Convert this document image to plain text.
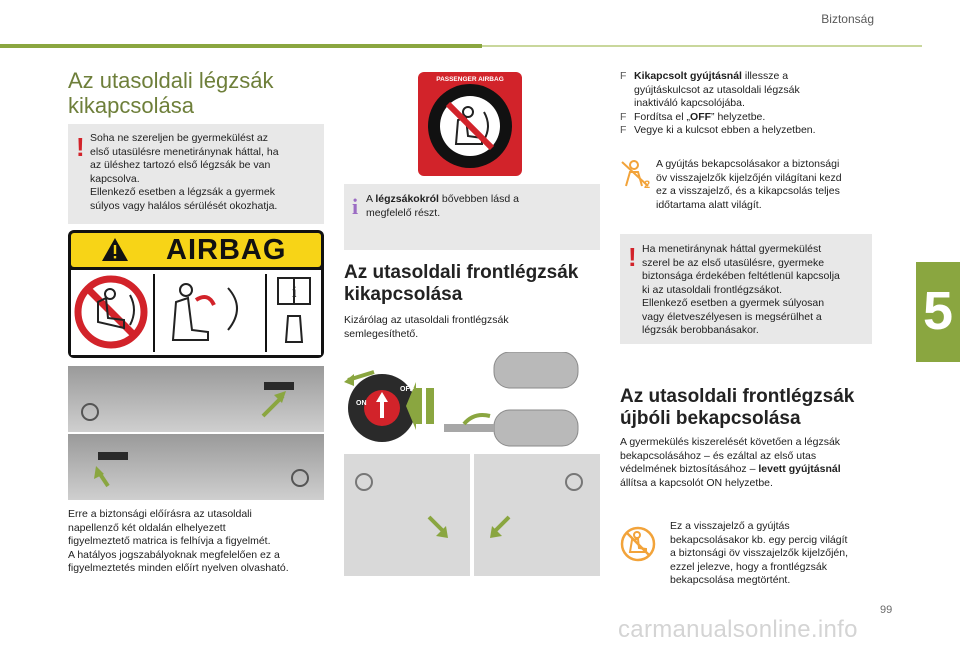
Biztonság
Az utasoldali légzsák
kikapcsolása
! Soha ne szereljen be gyermekülést az
első utasülésre menetiránynak háttal, ha
az üléshez tartozó első légzsák be van
kapcsolva.
Ellenkező esetben a légzsák a gyermek
súlyos vagy halálos sérülését okozhatja.
i
AIRBAG
Erre a biztonsági előírásra az utasoldali
napellenző két oldalán elhelyezett
figyelmeztető matrica is felhívja a figyelmét.
A hatályos jogszabályoknak megfelelően ez a
figyelmeztetés minden előírt nyelven olvasható.
PASSENGER AIRBAG
i A légzsákokról bővebben lásd a
megfelelő részt.
Az utasoldali frontlégzsák
kikapcsolása
Kizárólag az utasoldali frontlégzsák
semlegesíthető.
PASSENGER AIRBAG
ON
OFF
F Kikapcsolt gyújtásnál illessze a
gyújtáskulcsot az utasoldali légzsák
inaktiváló kapcsolójába.
F Fordítsa el „OFF” helyzetbe.
F Vegye ki a kulcsot ebben a helyzetben.
2
A gyújtás bekapcsolásakor a biztonsági
öv visszajelzők kijelzőjén világítani kezd
ez a visszajelző, és a kikapcsolás teljes
időtartama alatt világít.
! Ha menetiránynak háttal gyermekülést
szerel be az első utasülésre, gyermeke
biztonsága érdekében feltétlenül kapcsolja
ki az utasoldali frontlégzsákot.
Ellenkező esetben a gyermek súlyosan
vagy életveszélyesen is megsérülhet a
légzsák berobbanásakor.
Az utasoldali frontlégzsák
újbóli bekapcsolása
A gyermekülés kiszerelését követően a légzsák
bekapcsolásához – és ezáltal az első utas
védelmének biztosításához – levett gyújtásnál
állítsa a kapcsolót ON helyzetbe.
Ez a visszajelző a gyújtás
bekapcsolásakor kb. egy percig világít
a biztonsági öv visszajelzők kijelzőjén,
ezzel jelezve, hogy a frontlégzsák
bekapcsolása megtörtént.
5
99
carmanualsonline.info
